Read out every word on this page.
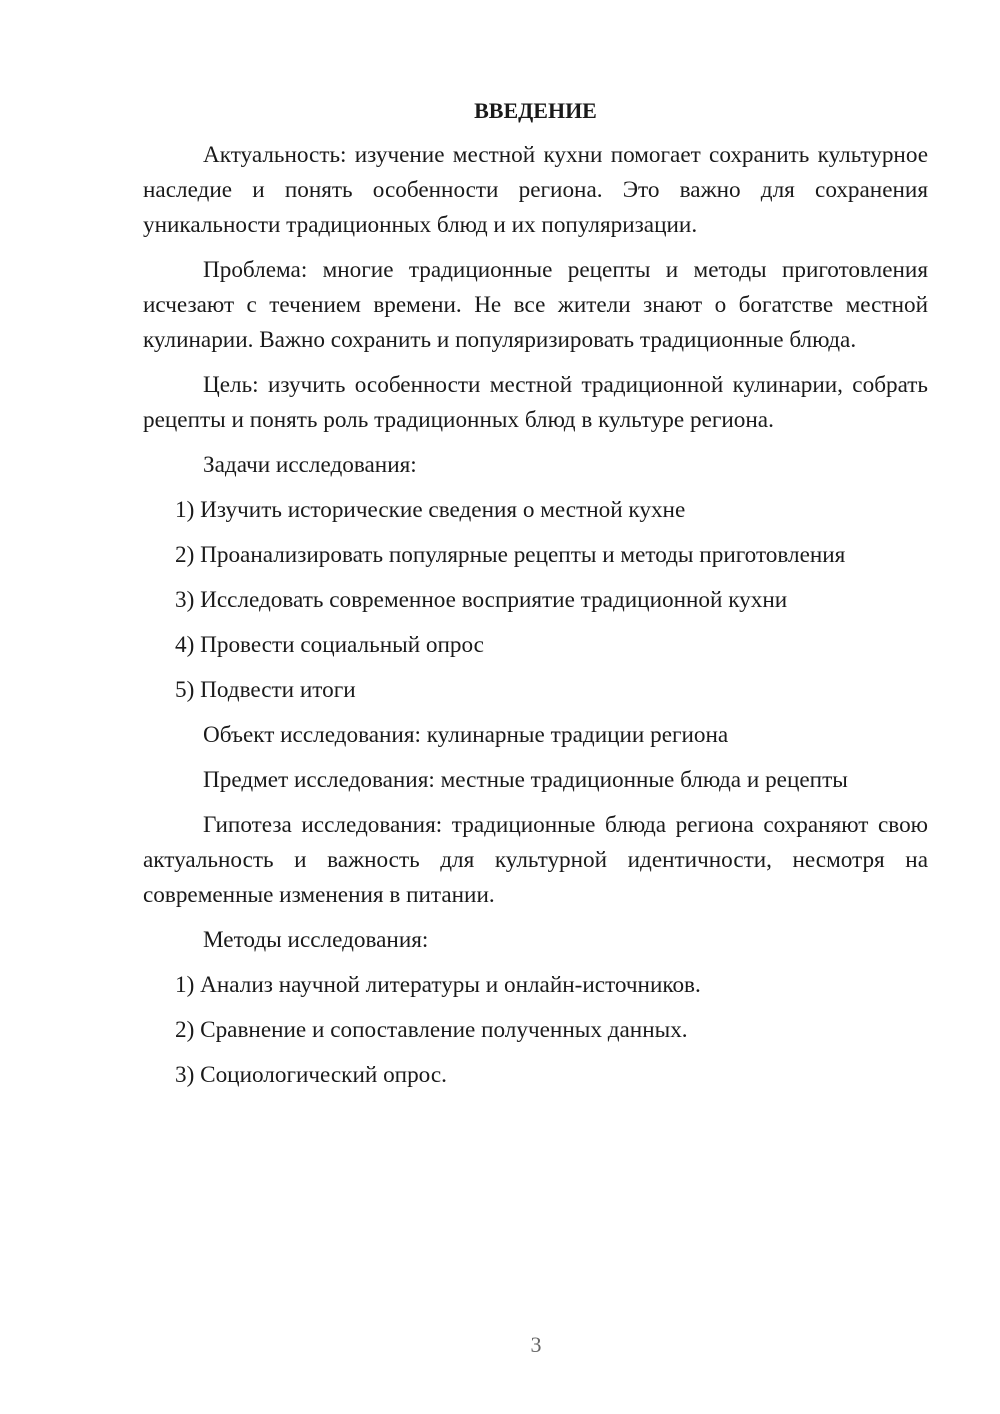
ВВЕДЕНИЕ
Актуальность: изучение местной кухни помогает сохранить культурное наследие и понять особенности региона. Это важно для сохранения уникальности традиционных блюд и их популяризации.
Проблема: многие традиционные рецепты и методы приготовления исчезают с течением времени. Не все жители знают о богатстве местной кулинарии. Важно сохранить и популяризировать традиционные блюда.
Цель: изучить особенности местной традиционной кулинарии, собрать рецепты и понять роль традиционных блюд в культуре региона.
Задачи исследования:
1) Изучить исторические сведения о местной кухне
2) Проанализировать популярные рецепты и методы приготовления
3) Исследовать современное восприятие традиционной кухни
4) Провести социальный опрос
5) Подвести итоги
Объект исследования: кулинарные традиции региона
Предмет исследования: местные традиционные блюда и рецепты
Гипотеза исследования: традиционные блюда региона сохраняют свою актуальность и важность для культурной идентичности, несмотря на современные изменения в питании.
Методы исследования:
1) Анализ научной литературы и онлайн-источников.
2) Сравнение и сопоставление полученных данных.
3) Социологический опрос.
3
